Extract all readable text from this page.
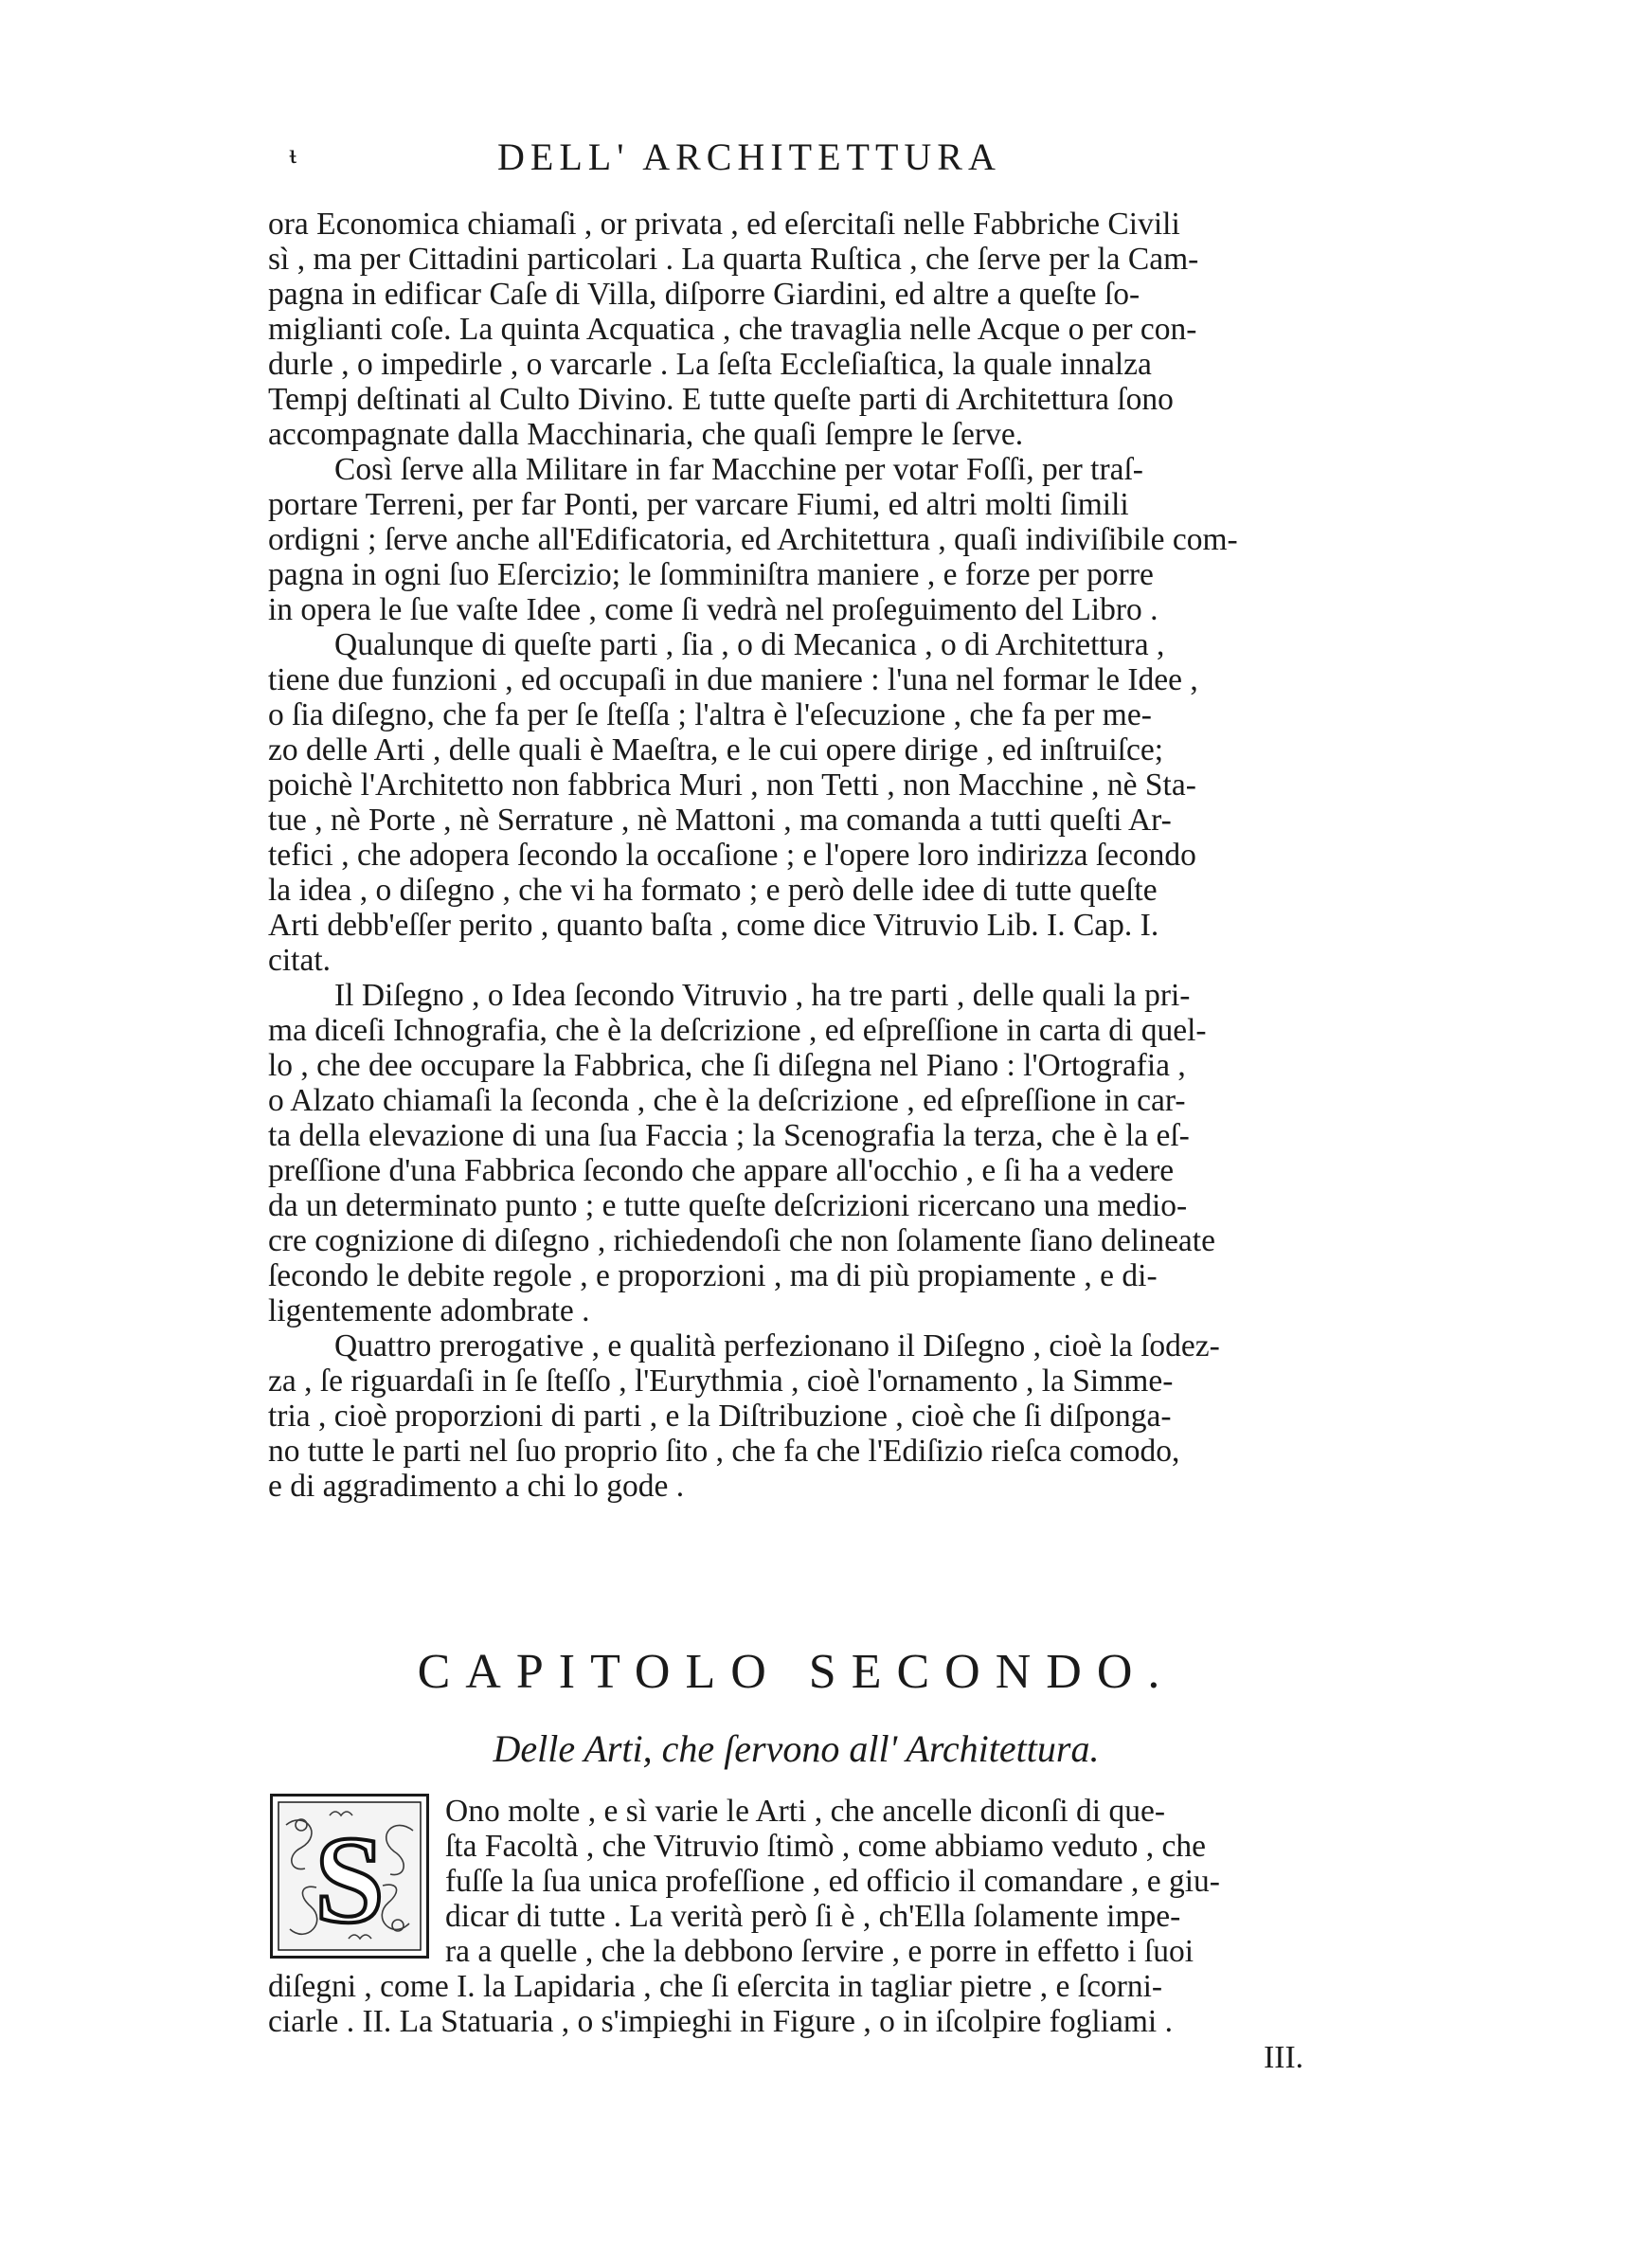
ᵼ	DELL' ARCHITETTURA
ora Economica chiamaſi , or privata , ed eſercitaſi nelle Fabbriche Civili
sì , ma per Cittadini particolari . La quarta Ruſtica , che ſerve per la Cam-
pagna in edificar Caſe di Villa, diſporre Giardini, ed altre a queſte ſo-
miglianti coſe. La quinta Acquatica , che travaglia nelle Acque o per con-
durle , o impedirle , o varcarle . La ſeſta Eccleſiaſtica, la quale innalza
Tempj deſtinati al Culto Divino. E tutte queſte parti di Architettura ſono
accompagnate dalla Macchinaria, che quaſi ſempre le ſerve.
Così ſerve alla Militare in far Macchine per votar Foſſi, per traſ-
portare Terreni, per far Ponti, per varcare Fiumi, ed altri molti ſimili
ordigni ; ſerve anche all'Edificatoria, ed Architettura , quaſi indiviſibile com-
pagna in ogni ſuo Eſercizio; le ſomminiſtra maniere , e forze per porre
in opera le ſue vaſte Idee , come ſi vedrà nel proſeguimento del Libro .
Qualunque di queſte parti , ſia , o di Mecanica , o di Architettura ,
tiene due funzioni , ed occupaſi in due maniere : l'una nel formar le Idee ,
o ſia diſegno, che fa per ſe ſteſſa ; l'altra è l'eſecuzione , che fa per me-
zo delle Arti , delle quali è Maeſtra, e le cui opere dirige , ed inſtruiſce;
poichè l'Architetto non fabbrica Muri , non Tetti , non Macchine , nè Sta-
tue , nè Porte , nè Serrature , nè Mattoni , ma comanda a tutti queſti Ar-
tefici , che adopera ſecondo la occaſione ; e l'opere loro indirizza ſecondo
la idea , o diſegno , che vi ha formato ; e però delle idee di tutte queſte
Arti debb'eſſer perito , quanto baſta , come dice Vitruvio Lib. I. Cap. I.
citat.
Il Diſegno , o Idea ſecondo Vitruvio , ha tre parti , delle quali la pri-
ma diceſi Ichnografia, che è la deſcrizione , ed eſpreſſione in carta di quel-
lo , che dee occupare la Fabbrica, che ſi diſegna nel Piano : l'Ortografia ,
o Alzato chiamaſi la ſeconda , che è la deſcrizione , ed eſpreſſione in car-
ta della elevazione di una ſua Faccia ; la Scenografia la terza, che è la eſ-
preſſione d'una Fabbrica ſecondo che appare all'occhio , e ſi ha a vedere
da un determinato punto ; e tutte queſte deſcrizioni ricercano una medio-
cre cognizione di diſegno , richiedendoſi che non ſolamente ſiano delineate
ſecondo le debite regole , e proporzioni , ma di più propiamente , e di-
ligentemente adombrate .
Quattro prerogative , e qualità perfezionano il Diſegno , cioè la ſodez-
za , ſe riguardaſi in ſe ſteſſo , l'Eurythmia , cioè l'ornamento , la Simme-
tria , cioè proporzioni di parti , e la Diſtribuzione , cioè che ſi diſponga-
no tutte le parti nel ſuo proprio ſito , che fa che l'Ediſizio rieſca comodo,
e di aggradimento a chi lo gode .
CAPITOLO SECONDO.
Delle Arti, che ſervono all' Architettura.
S Ono molte , e sì varie le Arti , che ancelle diconſi di que-
ſta Facoltà , che Vitruvio ſtimò , come abbiamo veduto , che
fuſſe la ſua unica profeſſione , ed officio il comandare , e giu-
dicar di tutte . La verità però ſi è , ch'Ella ſolamente impe-
ra a quelle , che la debbono ſervire , e porre in effetto i ſuoi
diſegni , come I. la Lapidaria , che ſi eſercita in tagliar pietre , e ſcorni-
ciarle . II. La Statuaria , o s'impieghi in Figure , o in iſcolpire fogliami .
III.
